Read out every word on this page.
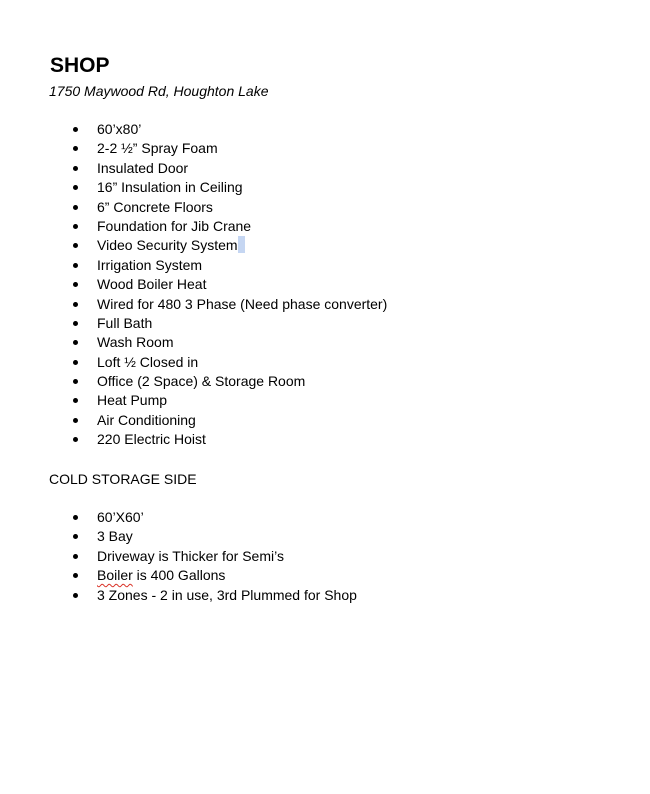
SHOP
1750 Maywood Rd, Houghton Lake
60’x80’
2-2 ½” Spray Foam
Insulated Door
16” Insulation in Ceiling
6” Concrete Floors
Foundation for Jib Crane
Video Security System
Irrigation System
Wood Boiler Heat
Wired for 480 3 Phase (Need phase converter)
Full Bath
Wash Room
Loft ½ Closed in
Office (2 Space) & Storage Room
Heat Pump
Air Conditioning
220 Electric Hoist
COLD STORAGE SIDE
60’X60’
3 Bay
Driveway is Thicker for Semi’s
Boiler is 400 Gallons
3 Zones - 2 in use, 3rd Plummed for Shop
